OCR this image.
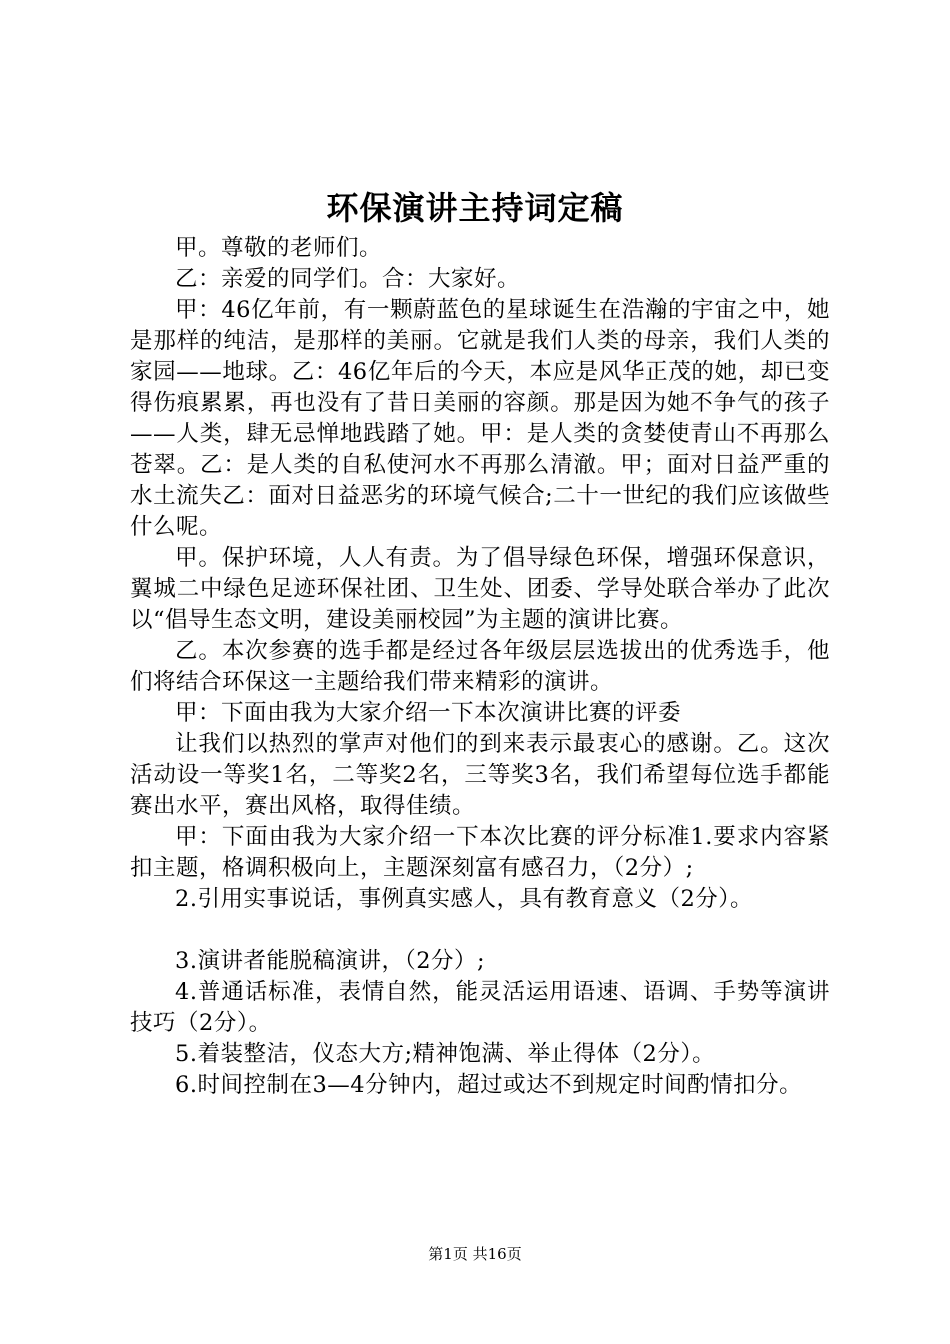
环保演讲主持词定稿

甲。尊敬的老师们。

乙：亲爱的同学们。合：大家好。

甲：46亿年前，有一颗蔚蓝色的星球诞生在浩瀚的宇宙之中，她是那样的纯洁，是那样的美丽。它就是我们人类的母亲，我们人类的家园——地球。乙：46亿年后的今天，本应是风华正茂的她，却已变得伤痕累累，再也没有了昔日美丽的容颜。那是因为她不争气的孩子——人类，肆无忌惮地践踏了她。甲：是人类的贪婪使青山不再那么苍翠。乙：是人类的自私使河水不再那么清澈。甲；面对日益严重的水土流失乙：面对日益恶劣的环境气候合;二十一世纪的我们应该做些什么呢。

甲。保护环境，人人有责。为了倡导绿色环保，增强环保意识，翼城二中绿色足迹环保社团、卫生处、团委、学导处联合举办了此次以“倡导生态文明，建设美丽校园”为主题的演讲比赛。

乙。本次参赛的选手都是经过各年级层层选拔出的优秀选手，他们将结合环保这一主题给我们带来精彩的演讲。

甲：下面由我为大家介绍一下本次演讲比赛的评委

让我们以热烈的掌声对他们的到来表示最衷心的感谢。乙。这次活动设一等奖1名，二等奖2名，三等奖3名，我们希望每位选手都能赛出水平，赛出风格，取得佳绩。

甲：下面由我为大家介绍一下本次比赛的评分标准1.要求内容紧扣主题，格调积极向上，主题深刻富有感召力，（2分）;

2.引用实事说话，事例真实感人，具有教育意义（2分）。

3.演讲者能脱稿演讲，（2分）;

4.普通话标准，表情自然，能灵活运用语速、语调、手势等演讲技巧（2分）。

5.着装整洁，仪态大方;精神饱满、举止得体（2分）。

6.时间控制在3—4分钟内，超过或达不到规定时间酌情扣分。

第1页 共16页
